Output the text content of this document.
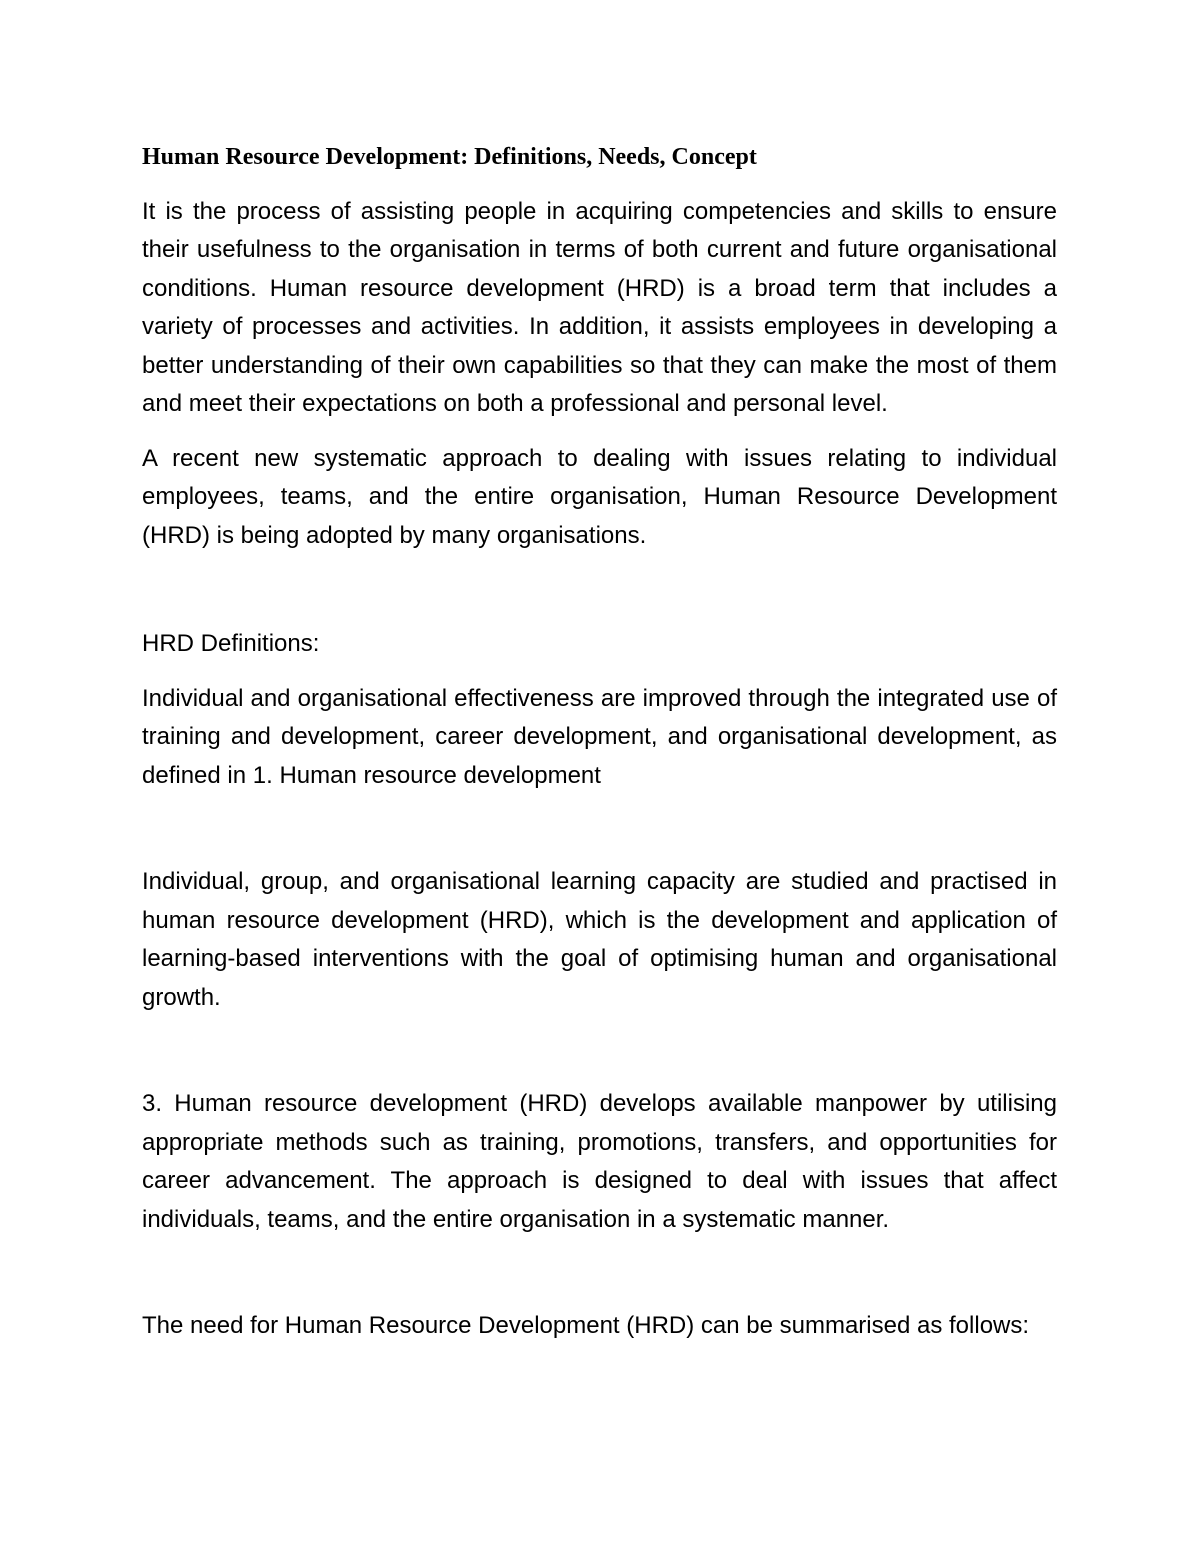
Human Resource Development: Definitions, Needs, Concept

It is the process of assisting people in acquiring competencies and skills to ensure their usefulness to the organisation in terms of both current and future organisational conditions. Human resource development (HRD) is a broad term that includes a variety of processes and activities. In addition, it assists employees in developing a better understanding of their own capabilities so that they can make the most of them and meet their expectations on both a professional and personal level.

A recent new systematic approach to dealing with issues relating to individual employees, teams, and the entire organisation, Human Resource Development (HRD) is being adopted by many organisations.

HRD Definitions:

Individual and organisational effectiveness are improved through the integrated use of training and development, career development, and organisational development, as defined in 1. Human resource development

Individual, group, and organisational learning capacity are studied and practised in human resource development (HRD), which is the development and application of learning-based interventions with the goal of optimising human and organisational growth.

3. Human resource development (HRD) develops available manpower by utilising appropriate methods such as training, promotions, transfers, and opportunities for career advancement. The approach is designed to deal with issues that affect individuals, teams, and the entire organisation in a systematic manner.

The need for Human Resource Development (HRD) can be summarised as follows:
